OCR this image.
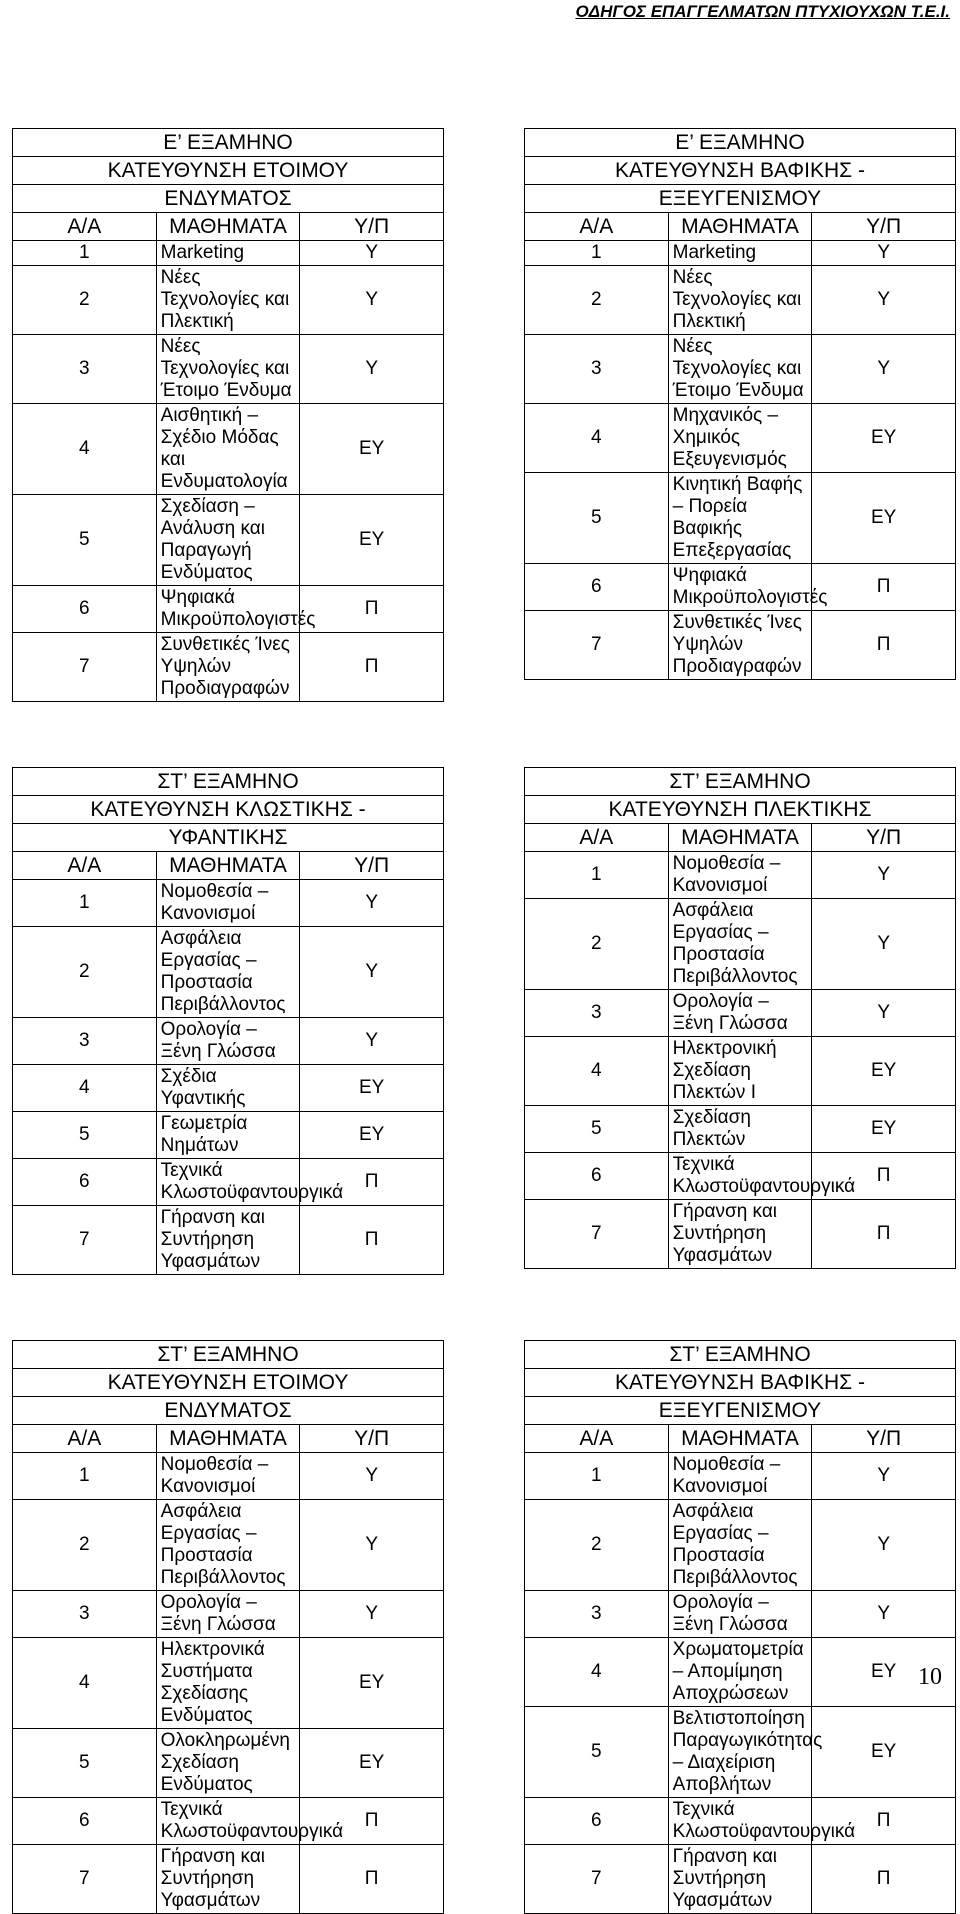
ΟΔΗΓΟΣ ΕΠΑΓΓΕΛΜΑΤΩΝ ΠΤΥΧΙΟΥΧΩΝ Τ.Ε.Ι.
Ε’ ΕΞΑΜΗΝΟ		
ΚΑΤΕΥΘΥΝΣΗ ΕΤΟΙΜΟΥ		
ΕΝΔΥΜΑΤΟΣ		
Α/Α	ΜΑΘΗΜΑΤΑ	Υ/Π
1	Marketing	Υ
2	Νέες Τεχνολογίες και Πλεκτική	Υ
3	Νέες Τεχνολογίες και Έτοιμο Ένδυμα	Υ
4	Αισθητική –Σχέδιο Μόδας και Ενδυματολογία	ΕΥ
5	Σχεδίαση – Ανάλυση και Παραγωγή Ενδύματος	ΕΥ
6	Ψηφιακά Μικροϋπολογιστές	Π
7	Συνθετικές Ίνες Υψηλών Προδιαγραφών	Π
Ε’ ΕΞΑΜΗΝΟ		
ΚΑΤΕΥΘΥΝΣΗ ΒΑΦΙΚΗΣ -		
ΕΞΕΥΓΕΝΙΣΜΟΥ		
Α/Α	ΜΑΘΗΜΑΤΑ	Υ/Π
1	Marketing	Υ
2	Νέες Τεχνολογίες και Πλεκτική	Υ
3	Νέες Τεχνολογίες και Έτοιμο Ένδυμα	Υ
4	Μηχανικός – Χημικός Εξευγενισμός	ΕΥ
5	Κινητική Βαφής – Πορεία Βαφικής Επεξεργασίας	ΕΥ
6	Ψηφιακά Μικροϋπολογιστές	Π
7	Συνθετικές Ίνες Υψηλών Προδιαγραφών	Π
ΣΤ’ ΕΞΑΜΗΝΟ		
ΚΑΤΕΥΘΥΝΣΗ ΚΛΩΣΤΙΚΗΣ -		
ΥΦΑΝΤΙΚΗΣ		
Α/Α	ΜΑΘΗΜΑΤΑ	Υ/Π
1	Νομοθεσία – Κανονισμοί	Υ
2	Ασφάλεια Εργασίας – Προστασία Περιβάλλοντος	Υ
3	Ορολογία – Ξένη Γλώσσα	Υ
4	Σχέδια Υφαντικής	ΕΥ
5	Γεωμετρία Νημάτων	ΕΥ
6	Τεχνικά Κλωστοϋφαντουργικά	Π
7	Γήρανση και Συντήρηση Υφασμάτων	Π
ΣΤ’ ΕΞΑΜΗΝΟ		
ΚΑΤΕΥΘΥΝΣΗ ΠΛΕΚΤΙΚΗΣ		
Α/Α	ΜΑΘΗΜΑΤΑ	Υ/Π
1	Νομοθεσία – Κανονισμοί	Υ
2	Ασφάλεια Εργασίας – Προστασία Περιβάλλοντος	Υ
3	Ορολογία – Ξένη Γλώσσα	Υ
4	Ηλεκτρονική Σχεδίαση Πλεκτών Ι	ΕΥ
5	Σχεδίαση Πλεκτών	ΕΥ
6	Τεχνικά Κλωστοϋφαντουργικά	Π
7	Γήρανση και Συντήρηση Υφασμάτων	Π
ΣΤ’ ΕΞΑΜΗΝΟ		
ΚΑΤΕΥΘΥΝΣΗ ΕΤΟΙΜΟΥ		
ΕΝΔΥΜΑΤΟΣ		
Α/Α	ΜΑΘΗΜΑΤΑ	Υ/Π
1	Νομοθεσία – Κανονισμοί	Υ
2	Ασφάλεια Εργασίας – Προστασία Περιβάλλοντος	Υ
3	Ορολογία – Ξένη Γλώσσα	Υ
4	Ηλεκτρονικά Συστήματα Σχεδίασης Ενδύματος	ΕΥ
5	Ολοκληρωμένη Σχεδίαση Ενδύματος	ΕΥ
6	Τεχνικά Κλωστοϋφαντουργικά	Π
7	Γήρανση και Συντήρηση Υφασμάτων	Π
ΣΤ’ ΕΞΑΜΗΝΟ		
ΚΑΤΕΥΘΥΝΣΗ ΒΑΦΙΚΗΣ -		
ΕΞΕΥΓΕΝΙΣΜΟΥ		
Α/Α	ΜΑΘΗΜΑΤΑ	Υ/Π
1	Νομοθεσία – Κανονισμοί	Υ
2	Ασφάλεια Εργασίας – Προστασία Περιβάλλοντος	Υ
3	Ορολογία – Ξένη Γλώσσα	Υ
4	Χρωματομετρία – Απομίμηση Αποχρώσεων	ΕΥ
5	Βελτιστοποίηση Παραγωγικότητας – Διαχείριση Αποβλήτων	ΕΥ
6	Τεχνικά Κλωστοϋφαντουργικά	Π
7	Γήρανση και Συντήρηση Υφασμάτων	Π
10
